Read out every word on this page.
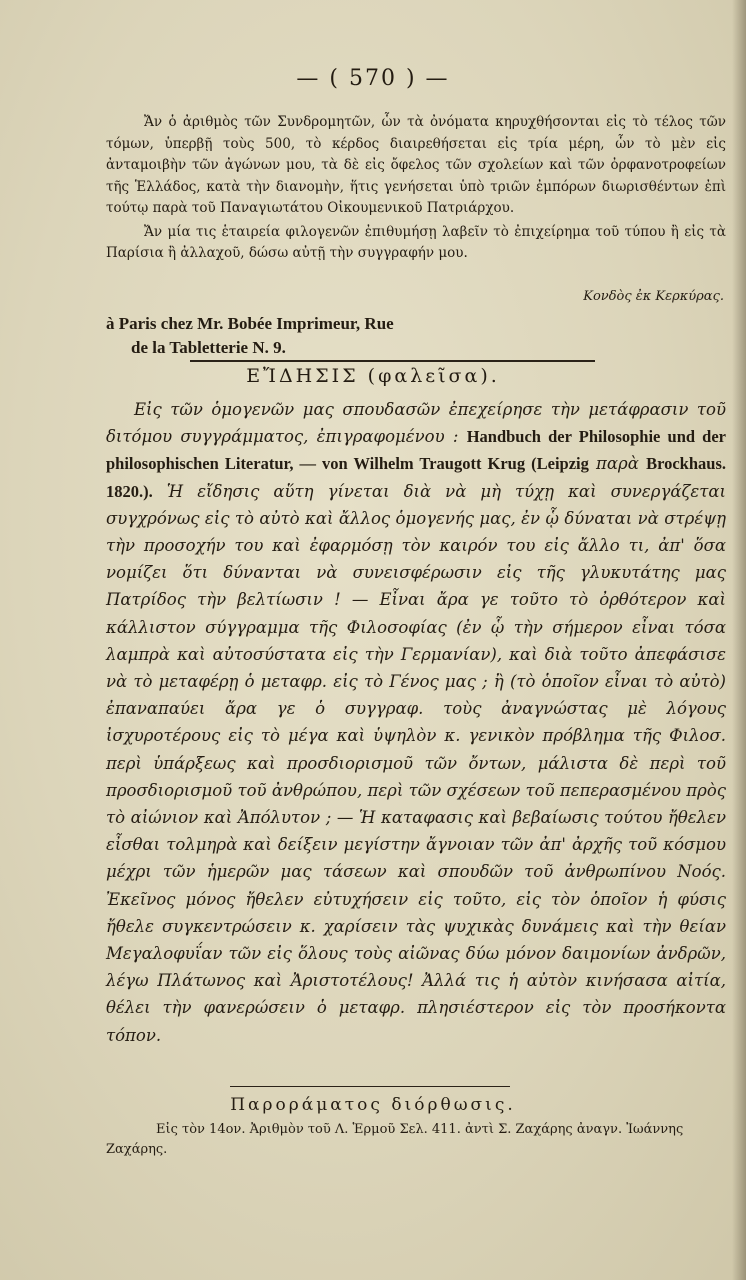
— ( 570 ) —

Ἄν ὁ ἀριθμὸς τῶν Συνδρομητῶν, ὧν τὰ ὀνόματα κηρυχθήσονται εἰς τὸ τέλος τῶν τόμων, ὑπερβῇ τοὺς 500, τὸ κέρδος διαιρεθήσεται εἰς τρία μέρη, ὧν τὸ μὲν εἰς ἀνταμοιβὴν τῶν ἀγώνων μου, τὰ δὲ εἰς ὄφελος τῶν σχολείων καὶ τῶν ὀρφανοτροφείων τῆς Ἑλλάδος, κατὰ τὴν διανομὴν, ἥτις γενήσεται ὑπὸ τριῶν ἐμπόρων διωρισθέντων ἐπὶ τούτῳ παρὰ τοῦ Παναγιωτάτου Οἰκουμενικοῦ Πατριάρχου.

Ἄν μία τις ἑταιρεία φιλογενῶν ἐπιθυμήσῃ λαβεῖν τὸ ἐπιχείρημα τοῦ τύπου ἢ εἰς τὰ Παρίσια ἢ ἀλλαχοῦ, δώσω αὐτῇ τὴν συγγραφήν μου.

Κονδὸς ἐκ Κερκύρας.
à Paris chez Mr. Bobée Imprimeur, Rue
de la Tabletterie N. 9.
ΕἼΔΗΣΙΣ (φαλεῖσα).

Εἰς τῶν ὁμογενῶν μας σπουδασῶν ἐπεχείρησε τὴν μετάφρασιν τοῦ διτόμου συγγράμματος, ἐπιγραφομένου : Handbuch der Philosophie und der philosophischen Literatur, — von Wilhelm Traugott Krug (Leipzig παρὰ Brockhaus. 1820.). Ἡ εἴδησις αὕτη γίνεται διὰ νὰ μὴ τύχῃ καὶ συνεργάζεται συγχρόνως εἰς τὸ αὐτὸ καὶ ἄλλος ὁμογενής μας, ἐν ᾧ δύναται νὰ στρέψῃ τὴν προσοχήν του καὶ ἐφαρμόσῃ τὸν καιρόν του εἰς ἄλλο τι, ἀπ' ὅσα νομίζει ὅτι δύνανται νὰ συνεισφέρωσιν εἰς τῆς γλυκυτάτης μας Πατρίδος τὴν βελτίωσιν ! — Εἶναι ἄρα γε τοῦτο τὸ ὀρθότερον καὶ κάλλιστον σύγγραμμα τῆς Φιλοσοφίας (ἐν ᾧ τὴν σήμερον εἶναι τόσα λαμπρὰ καὶ αὐτοσύστατα εἰς τὴν Γερμανίαν), καὶ διὰ τοῦτο ἀπεφάσισε νὰ τὸ μεταφέρῃ ὁ μεταφρ. εἰς τὸ Γένος μας ; ἢ (τὸ ὁποῖον εἶναι τὸ αὐτὸ) ἐπαναπαύει ἄρα γε ὁ συγγραφ. τοὺς ἀναγνώστας μὲ λόγους ἰσχυροτέρους εἰς τὸ μέγα καὶ ὑψηλὸν κ. γενικὸν πρόβλημα τῆς Φιλοσ. περὶ ὑπάρξεως καὶ προσδιορισμοῦ τῶν ὄντων, μάλιστα δὲ περὶ τοῦ προσδιορισμοῦ τοῦ ἀνθρώπου, περὶ τῶν σχέσεων τοῦ πεπερασμένου πρὸς τὸ αἰώνιον καὶ Ἀπόλυτον ; — Ἡ καταφασις καὶ βεβαίωσις τούτου ἤθελεν εἶσθαι τολμηρὰ καὶ δείξειν μεγίστην ἄγνοιαν τῶν ἀπ' ἀρχῆς τοῦ κόσμου μέχρι τῶν ἡμερῶν μας τάσεων καὶ σπουδῶν τοῦ ἀνθρωπίνου Νοός. Ἐκεῖνος μόνος ἤθελεν εὐτυχήσειν εἰς τοῦτο, εἰς τὸν ὁποῖον ἡ φύσις ἤθελε συγκεντρώσειν κ. χαρίσειν τὰς ψυχικὰς δυνάμεις καὶ τὴν θείαν Μεγαλοφυΐαν τῶν εἰς ὅλους τοὺς αἰῶνας δύω μόνον δαιμονίων ἀνδρῶν, λέγω Πλάτωνος καὶ Ἀριστοτέλους! Ἀλλά τις ἡ αὐτὸν κινήσασα αἰτία, θέλει τὴν φανερώσειν ὁ μεταφρ. πλησιέστερον εἰς τὸν προσήκοντα τόπον.

Παροράματος διόρθωσις.

Εἰς τὸν 14ον. Ἀριθμὸν τοῦ Λ. Ἑρμοῦ Σελ. 411. ἀντὶ Σ. Ζαχάρης ἀναγν. Ἰωάννης Ζαχάρης.
